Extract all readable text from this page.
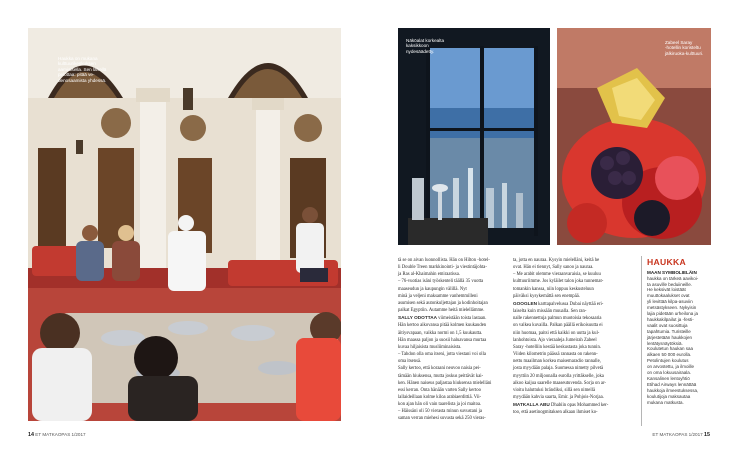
Haukka on mukana
kulttuurikeskuksen
aamiaisella. Sen lähellä
pelottaa: pitää ve-
denosaamista yhdessä.
Näköalat korkealta
kaksikkoon
nydesäädetty.
Zabeel Saray
-hotellin koristeltu
jälkiruoka-kulttuuri.

tä se on aivan luonnollista. Hän on Hilton -hotel-
li Double Treen markkinointi- ja viestintäjohta-
ja Ras al-Khaimahin emiraatissa.

– 76-vuotias isäni työskenteli täällä 35 vuotta
maaseudun ja kaupungin välillä. Nyt
minä ja veljeni maksamme vanhemmilleni
asumisen sekä autonkuljettajan ja kodinhoitajan
palkat Egyptiin. Autamme heitä mielellämme.

SALLY ODOTTAA viimeistään toista lastaan.

Hän kertoo aikovansa pitää kolmen kuukauden
äitiysvapaan, vaikka normi on 1,5 kuukautta.
Hän maassa paljon ja suosii haluavansa murtaa
kuvaa hiljaisista musliiminaisista.

– Tahdon olla oma itseni, jotta viestani voi olla
oma itsensä.

Sally kertoo, että koraani neuvoo naisia pei-
tämään hiuksensa, mutta joskus peittävät kai-
ken. Hänen naiseus paljastaa hiuksensa mielelläni
essi kerran. Onta hänään varten Sally kertoo
lallaideillaan kolme kiloa arabiaerdittiä. Vii-
kon ajan hän oli vain taarelista ja joi maitoa.

– Häissäni oli 50 vierasta minun suvustani ja
saman verran miehesi suvusta sekä 250 vieras-

ta, jotta en nauraa. Kysyin mielelläni, keitä he
ovat. Hän ei tiennyt, Sally sanoo ja nauraa.

– Me arabit olemme vieraanvaraisia, se kuuluu
kulttuuriimme. Jos kyläilet talon joka tunnemat-
tomankin kanssa, niin loppuu keskusteluun
päiväksi kysykemättä sen enempää.

GOOGLEN karttapalvelussa Dubai näyttää eri-

laiselta kuin missään muualla. Sen ran-
nalle rakennettuja palmun muotoisia tekosaaria
on valkea kuvailla. Palkan päällä erikoisuutta ei
niin huomaa, paitsi että kaikki on uutta ja kul-
lanhohtoista. Ajo vieraaleja Jumeirah Zabeel
Saray -hotelliin kestää keskustasta joka tunnin.

Viiden kilometrin päässä rannasta on rakenn-
nettu maailman korkea maisemaradio rannalle,
josta myydään palaja. Suomessa nimetty pilvetä
myyttiin 20 miljoonalla eurolla yrittäkselle, joka
aikoo kaijua saarelle maaseutuvenda. Sorja on ar-
vioitu haluttuksi brändiksi, sillä sen nimellä
myydään kahvia saarta, Emir. ja Pohjois-Norjaa.

MATKALLA ABU Dhabiin opas Mohammed ker-

too, että asetinogmitaksen alkaan ihmiset ko-

HAUKKA
MAAN SYMBOLIELÄIN
haukka on tärkeä aavikoi-
ta asuville beduiineille.
He keksivät loistäät
muuttokaalukset ovat
yli levittää kilpa-asuviin
metsästykseen. Nykyisin
lajia pidetään urheilona ja
haukkakilpailut ja -festi-
vaalit ovat suosittuja
tapahtumia. Turisteille
järjestetään haukkojen
lentätysnäytöksiä.
Koulutetun haukan saa
alkaen 50 000 eurolla.
Petolintujen koulutus
on arvostettu, ja ilmoille
on oma lokuusairaala.
Kansalinen lentoyhtiö
Etihad Airways lennättää
haukkoja ilmeestuksessa,
koulutijoja maksautaa
mukana matkusta.
14 ET MATKAOPAS 1/2017	ET MATKAOPAS 1/2017 15
